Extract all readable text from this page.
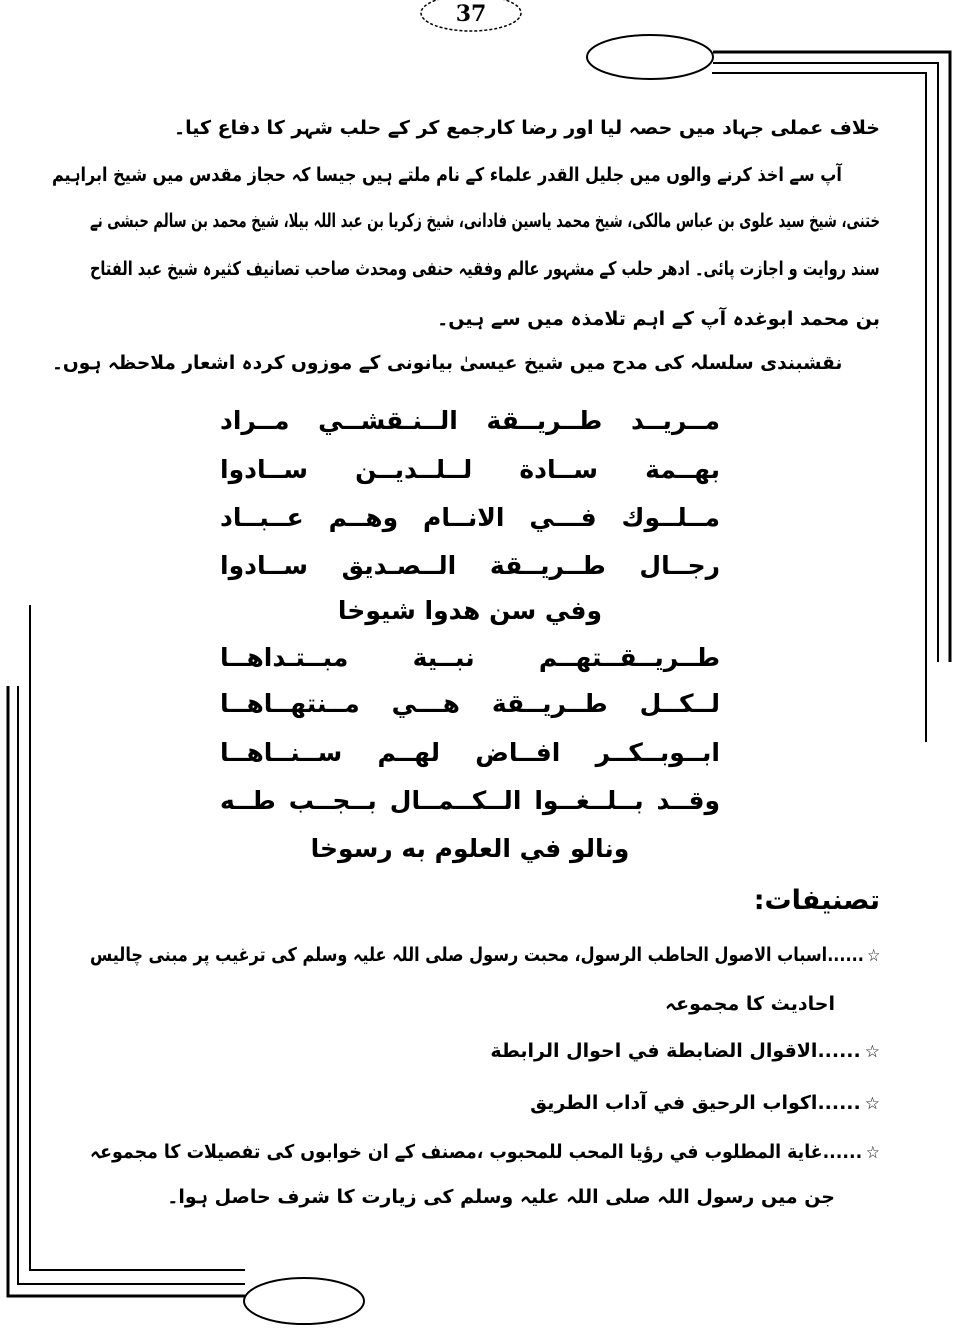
37
خلاف عملی جہاد میں حصہ لیا اور رضا کارجمع کر کے حلب شہر کا دفاع کیا۔
آپ سے اخذ کرنے والوں میں جلیل القدر علماء کے نام ملتے ہیں جیسا کہ حجاز مقدس میں شیخ ابراہیم
ختنی، شیخ سید علوی بن عباس مالکی، شیخ محمد یاسین فادانی، شیخ زکریا بن عبد اللہ بیلا، شیخ محمد بن سالم حبشی نے
سند روایت و اجازت پائی۔ ادھر حلب کے مشہور عالم وفقیہ حنفی ومحدث صاحب تصانیف کثیرہ شیخ عبد الفتاح
بن محمد ابوغدہ آپ کے اہم تلامذہ میں سے ہیں۔
نقشبندی سلسلہ کی مدح میں شیخ عیسیٰ بیانونی کے موزوں کردہ اشعار ملاحظہ ہوں۔
مــريــد طــريــقة الــنـقشــي مــراد
بهــمة ســادة لــلــديــن ســادوا
مــلــوك فـــي الانــام وهــم عــبــاد
رجــال طــريــقة الــصـديق ســادوا
وفي سن هدوا شيوخا
طــريــقــتهــم نبــية مبــتـداهــا
لــكــل طــريــقة هـــي مــنتهــاهــا
ابــوبــكــر افــاض لهــم ســنــاهــا
وقــد بــلــغــوا الــكــمــال بــجــب طــه
ونالو في العلوم به رسوخا
تصنیفات:
☆......اسباب الاصول الحاطب الرسول، محبت رسول صلی اللہ علیہ وسلم کی ترغیب پر مبنی چالیس
احادیث کا مجموعہ
☆......الاقوال الضابطة في احوال الرابطة
☆......اكواب الرحيق في آداب الطريق
☆......غاية المطلوب في رؤيا المحب للمحبوب ،مصنف کے ان خوابوں کی تفصیلات کا مجموعہ
جن میں رسول اللہ صلی اللہ علیہ وسلم کی زیارت کا شرف حاصل ہوا۔
